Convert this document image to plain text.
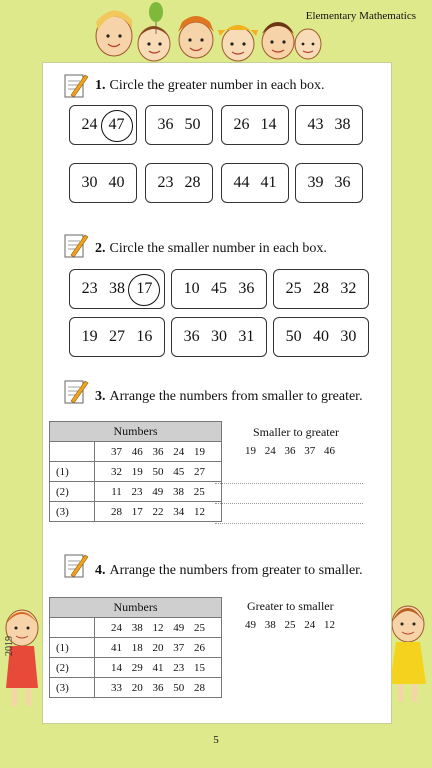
Elementary Mathematics
2019
1. Circle the greater number in each box.
24 47 36 50 26 14 43 38
30 40 23 28 44 41 39 36
2. Circle the smaller number in each box.
23 38 17 10 45 36 25 28 32
19 27 16 36 30 31 50 40 30
3. Arrange the numbers from smaller to greater.
Numbers	
	37 46 36 24 19
(1)	32 19 50 45 27
(2)	11 23 49 38 25
(3)	28 17 22 34 12
Smaller to greater
19 24 36 37 46
4. Arrange the numbers from greater to smaller.
Numbers	
	24 38 12 49 25
(1)	41 18 20 37 26
(2)	14 29 41 23 15
(3)	33 20 36 50 28
Greater to smaller
49 38 25 24 12
5
